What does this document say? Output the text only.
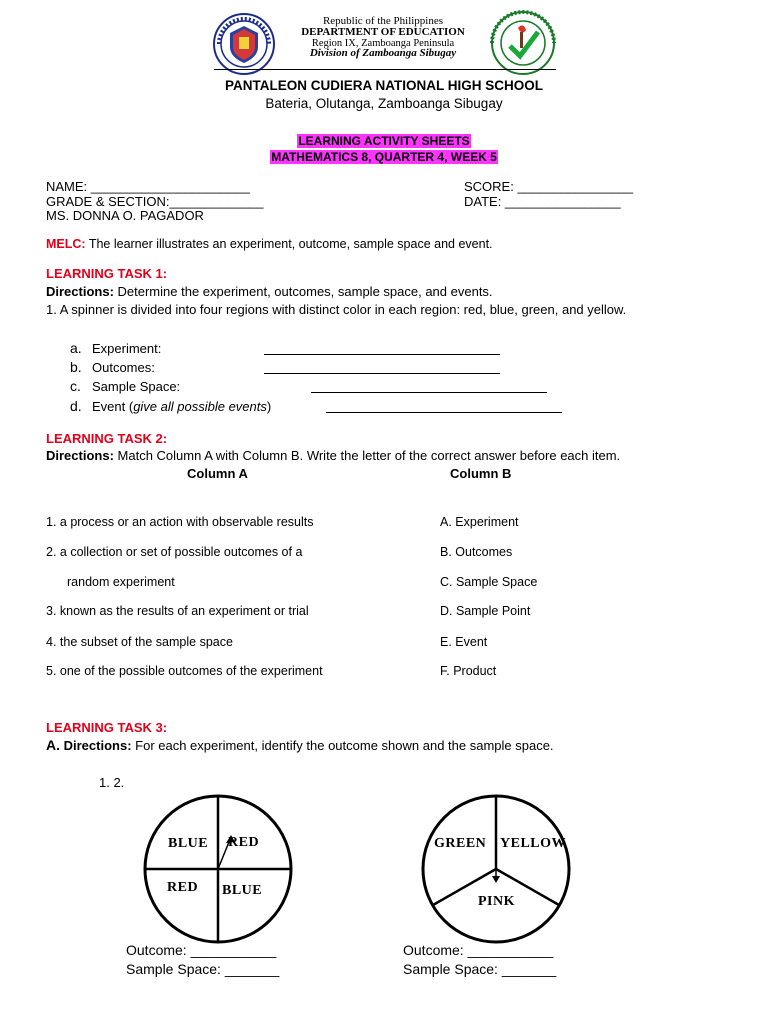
Republic of the Philippines
DEPARTMENT OF EDUCATION
Region IX, Zamboanga Peninsula
Division of Zamboanga Sibugay
PANTALEON CUDIERA NATIONAL HIGH SCHOOL
Bateria, Olutanga, Zamboanga Sibugay
LEARNING ACTIVITY SHEETS
MATHEMATICS 8, QUARTER 4, WEEK 5
NAME: ______________________
GRADE & SECTION:_____________
MS. DONNA O. PAGADOR
SCORE: ________________
DATE: ________________
MELC: The learner illustrates an experiment, outcome, sample space and event.
LEARNING TASK 1:
Directions: Determine the experiment, outcomes, sample space, and events.
1. A spinner is divided into four regions with distinct color in each region: red, blue, green, and yellow.
a. Experiment:
b. Outcomes:
c. Sample Space:
d. Event (give all possible events)
LEARNING TASK 2:
Directions: Match Column A with Column B. Write the letter of the correct answer before each item.
Column A	Column B
1. a process or an action with observable results
2. a collection or set of possible outcomes of a
random experiment
3. known as the results of an experiment or trial
4. the subset of the sample space
5. one of the possible outcomes of the experiment
A. Experiment
B. Outcomes
C. Sample Space
D. Sample Point
E. Event
F. Product
LEARNING TASK 3:
A. Directions: For each experiment, identify the outcome shown and the sample space.
1. 2.
BLUE RED
RED BLUE
GREEN YELLOW
PINK
Outcome: ___________
Sample Space: _______
Outcome: ___________
Sample Space: _______
